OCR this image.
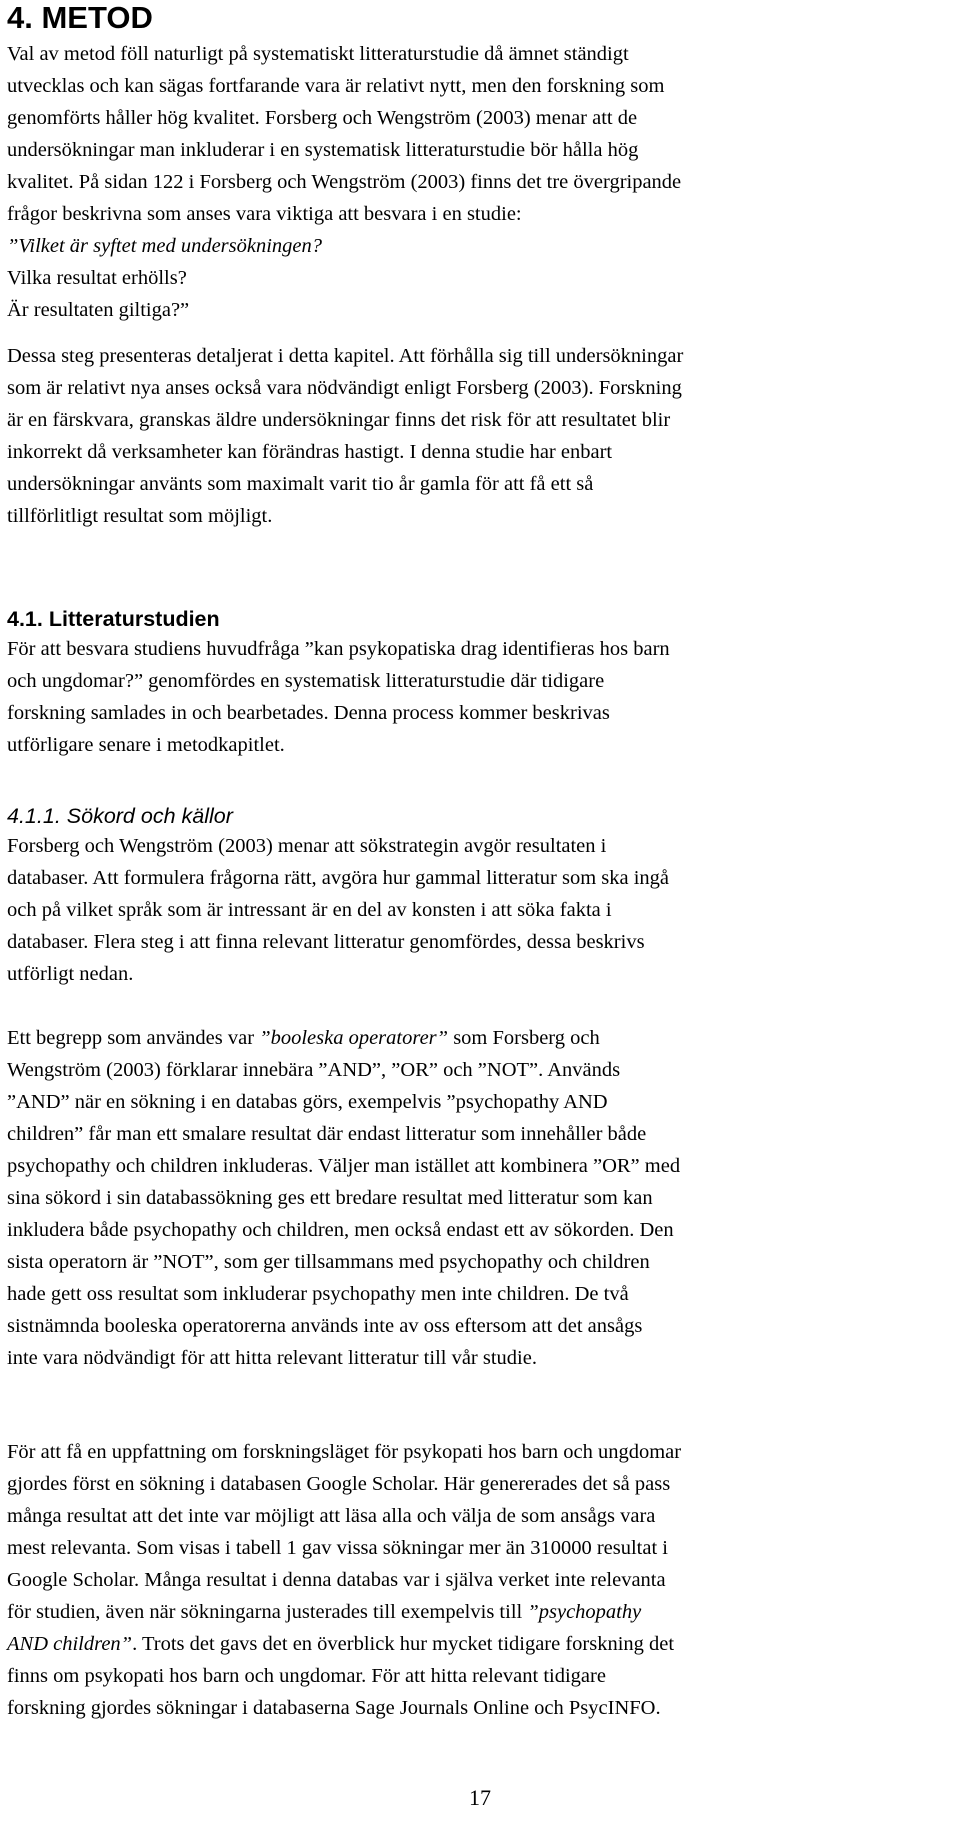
4. METOD
Val av metod föll naturligt på systematiskt litteraturstudie då ämnet ständigt
utvecklas och kan sägas fortfarande vara är relativt nytt, men den forskning som
genomförts håller hög kvalitet. Forsberg och Wengström (2003) menar att de
undersökningar man inkluderar i en systematisk litteraturstudie bör hålla hög
kvalitet. På sidan 122 i Forsberg och Wengström (2003) finns det tre övergripande
frågor beskrivna som anses vara viktiga att besvara i en studie:
”Vilket är syftet med undersökningen?
Vilka resultat erhölls?
Är resultaten giltiga?”
Dessa steg presenteras detaljerat i detta kapitel. Att förhålla sig till undersökningar
som är relativt nya anses också vara nödvändigt enligt Forsberg (2003). Forskning
är en färskvara, granskas äldre undersökningar finns det risk för att resultatet blir
inkorrekt då verksamheter kan förändras hastigt. I denna studie har enbart
undersökningar använts som maximalt varit tio år gamla för att få ett så
tillförlitligt resultat som möjligt.
4.1. Litteraturstudien
För att besvara studiens huvudfråga ”kan psykopatiska drag identifieras hos barn
och ungdomar?” genomfördes en systematisk litteraturstudie där tidigare
forskning samlades in och bearbetades. Denna process kommer beskrivas
utförligare senare i metodkapitlet.
4.1.1. Sökord och källor
Forsberg och Wengström (2003) menar att sökstrategin avgör resultaten i
databaser. Att formulera frågorna rätt, avgöra hur gammal litteratur som ska ingå
och på vilket språk som är intressant är en del av konsten i att söka fakta i
databaser. Flera steg i att finna relevant litteratur genomfördes, dessa beskrivs
utförligt nedan.
Ett begrepp som användes var ”booleska operatorer” som Forsberg och
Wengström (2003) förklarar innebära ”AND”, ”OR” och ”NOT”. Används
”AND” när en sökning i en databas görs, exempelvis ”psychopathy AND
children” får man ett smalare resultat där endast litteratur som innehåller både
psychopathy och children inkluderas. Väljer man istället att kombinera ”OR” med
sina sökord i sin databassökning ges ett bredare resultat med litteratur som kan
inkludera både psychopathy och children, men också endast ett av sökorden. Den
sista operatorn är ”NOT”, som ger tillsammans med psychopathy och children
hade gett oss resultat som inkluderar psychopathy men inte children. De två
sistnämnda booleska operatorerna används inte av oss eftersom att det ansågs
inte vara nödvändigt för att hitta relevant litteratur till vår studie.
För att få en uppfattning om forskningsläget för psykopati hos barn och ungdomar
gjordes först en sökning i databasen Google Scholar. Här genererades det så pass
många resultat att det inte var möjligt att läsa alla och välja de som ansågs vara
mest relevanta. Som visas i tabell 1 gav vissa sökningar mer än 310000 resultat i
Google Scholar. Många resultat i denna databas var i själva verket inte relevanta
för studien, även när sökningarna justerades till exempelvis till ”psychopathy
AND children”. Trots det gavs det en överblick hur mycket tidigare forskning det
finns om psykopati hos barn och ungdomar. För att hitta relevant tidigare
forskning gjordes sökningar i databaserna Sage Journals Online och PsycINFO.
17
